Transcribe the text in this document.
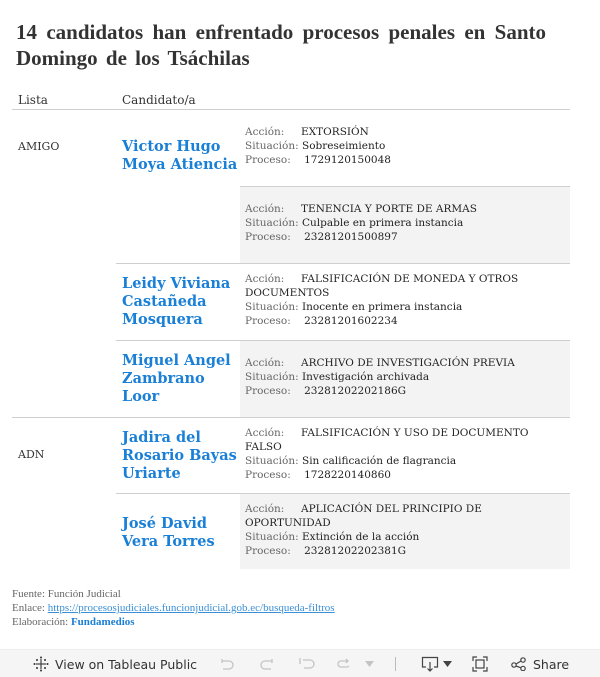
14 candidatos han enfrentado procesos penales en Santo Domingo de los Tsáchilas
Lista	Candidato/a
AMIGO
ADN
Victor Hugo Moya Atiencia
Leidy Viviana Castañeda Mosquera
Miguel Angel Zambrano Loor
Jadira del Rosario Bayas Uriarte
José David Vera Torres
Acción: EXTORSIÓN
Situación: Sobreseimiento
Proceso: 1729120150048
Acción: TENENCIA Y PORTE DE ARMAS
Situación: Culpable en primera instancia
Proceso: 23281201500897
Acción: FALSIFICACIÓN DE MONEDA Y OTROS DOCUMENTOS
Situación: Inocente en primera instancia
Proceso: 23281201602234
Acción: ARCHIVO DE INVESTIGACIÓN PREVIA
Situación: Investigación archivada
Proceso: 23281202202186G
Acción: FALSIFICACIÓN Y USO DE DOCUMENTO FALSO
Situación: Sin calificación de flagrancia
Proceso: 1728220140860
Acción: APLICACIÓN DEL PRINCIPIO DE OPORTUNIDAD
Situación: Extinción de la acción
Proceso: 23281202202381G
Fuente: Función Judicial
Enlace: https://procesosjudiciales.funcionjudicial.gob.ec/busqueda-filtros
Elaboración: Fundamedios
View on Tableau Public	Share
